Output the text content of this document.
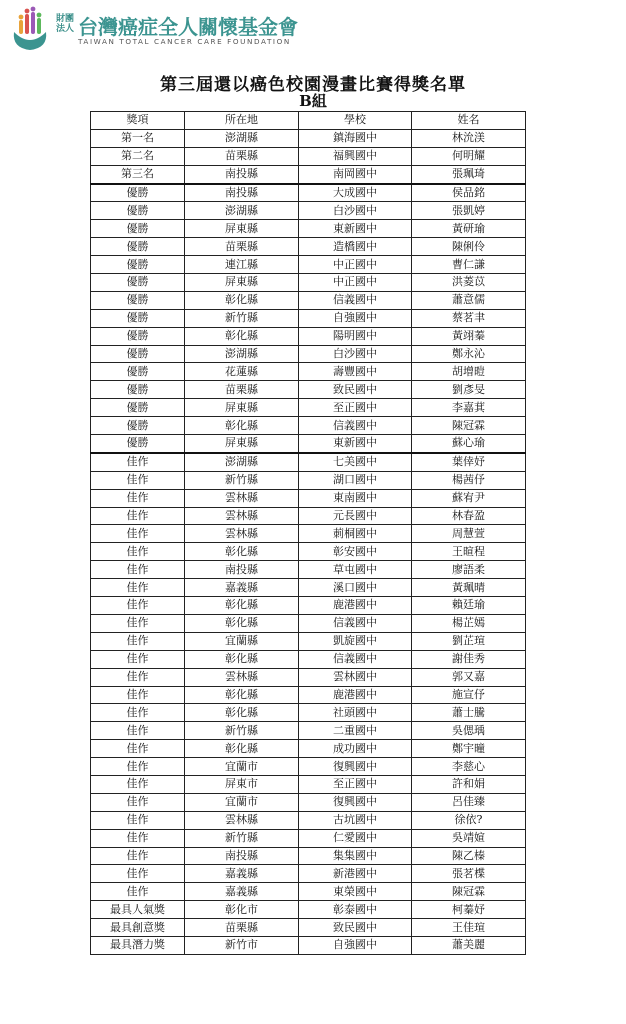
財團法人 台灣癌症全人關懷基金會
TAIWAN TOTAL CANCER CARE FOUNDATION
第三屆還以癌色校園漫畫比賽得獎名單
B組
獎項	所在地	學校	姓名
第一名	澎湖縣	鎮海國中	林沇渼
第二名	苗栗縣	福興國中	何明耀
第三名	南投縣	南岡國中	張珮琦
優勝	南投縣	大成國中	侯品銘
優勝	澎湖縣	白沙國中	張凱婷
優勝	屏東縣	東新國中	黃研瑜
優勝	苗栗縣	造橋國中	陳俐伶
優勝	連江縣	中正國中	曹仁謙
優勝	屏東縣	中正國中	洪菱苡
優勝	彰化縣	信義國中	蕭意儒
優勝	新竹縣	自強國中	蔡茗聿
優勝	彰化縣	陽明國中	黃翊蓁
優勝	澎湖縣	白沙國中	鄭永沁
優勝	花蓮縣	壽豐國中	胡增暟
優勝	苗栗縣	致民國中	劉彥旻
優勝	屏東縣	至正國中	李嘉萁
優勝	彰化縣	信義國中	陳冠霖
優勝	屏東縣	東新國中	蘇心瑜
佳作	澎湖縣	七美國中	葉倖妤
佳作	新竹縣	湖口國中	楊茜伃
佳作	雲林縣	東南國中	蘇宥尹
佳作	雲林縣	元長國中	林春盈
佳作	雲林縣	莿桐國中	周慧萱
佳作	彰化縣	彰安國中	王暄程
佳作	南投縣	草屯國中	廖語柔
佳作	嘉義縣	溪口國中	黃珮晴
佳作	彰化縣	鹿港國中	賴廷瑜
佳作	彰化縣	信義國中	楊芷嫣
佳作	宜蘭縣	凱旋國中	劉芷瑄
佳作	彰化縣	信義國中	謝佳秀
佳作	雲林縣	雲林國中	郭又嘉
佳作	彰化縣	鹿港國中	施宣伃
佳作	彰化縣	社頭國中	蕭士騰
佳作	新竹縣	二重國中	吳偲瑀
佳作	彰化縣	成功國中	鄭宇曈
佳作	宜蘭市	復興國中	李慈心
佳作	屏東市	至正國中	許和娟
佳作	宜蘭市	復興國中	呂佳臻
佳作	雲林縣	古坑國中	徐依?
佳作	新竹縣	仁愛國中	吳靖媗
佳作	南投縣	集集國中	陳乙榛
佳作	嘉義縣	新港國中	張茗楪
佳作	嘉義縣	東榮國中	陳冠霖
最具人氣獎	彰化市	彰泰國中	柯蓁妤
最具創意獎	苗栗縣	致民國中	王佳瑄
最具潛力獎	新竹市	自強國中	蕭美麗
